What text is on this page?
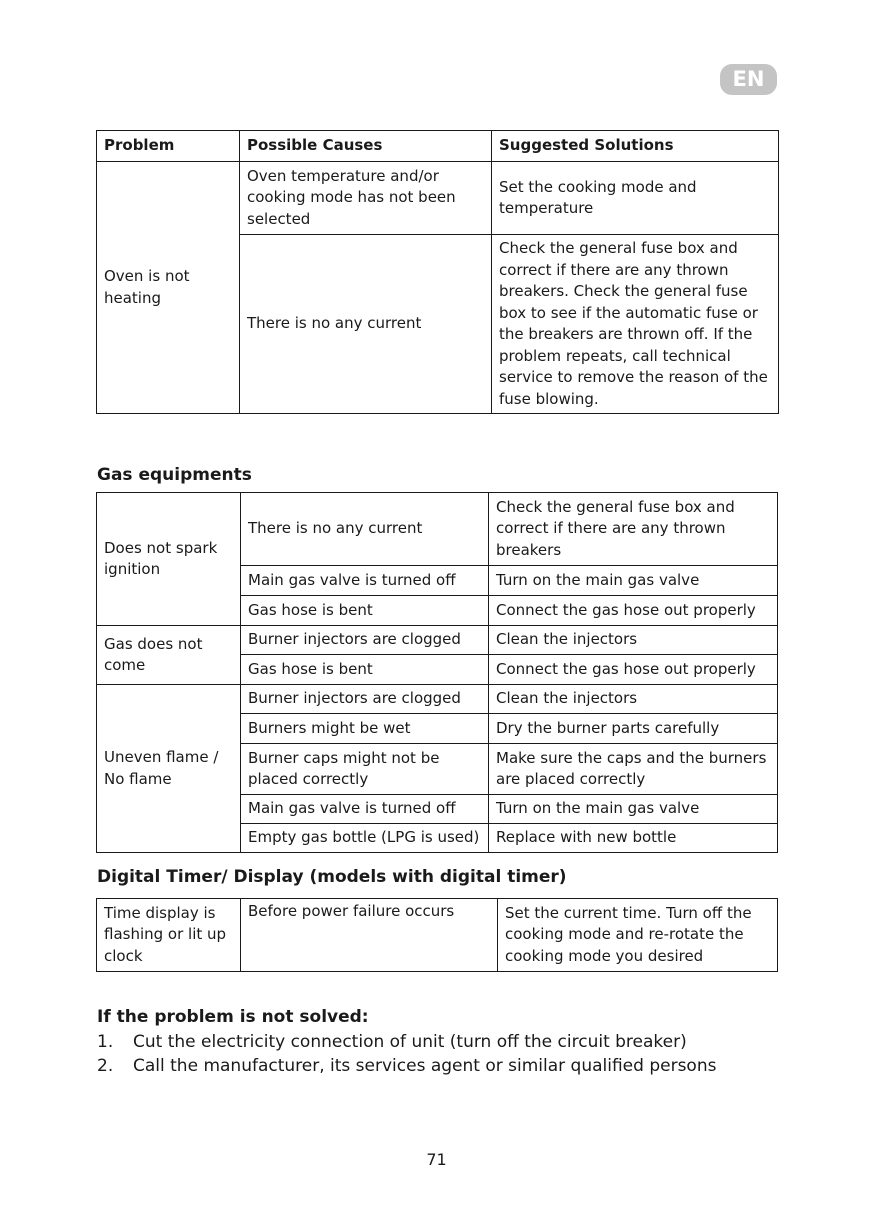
EN
Problem	Possible Causes	Suggested Solutions
Oven is not heating	Oven temperature and/or cooking mode has not been selected	Set the cooking mode and temperature
	There is no any current	Check the general fuse box and correct if there are any thrown breakers. Check the general fuse box to see if the automatic fuse or the breakers are thrown off. If the problem repeats, call technical service to remove the reason of the fuse blowing.
Gas equipments
Does not spark ignition	There is no any current	Check the general fuse box and correct if there are any thrown breakers
	Main gas valve is turned off	Turn on the main gas valve
	Gas hose is bent	Connect the gas hose out properly
Gas does not come	Burner injectors are clogged	Clean the injectors
	Gas hose is bent	Connect the gas hose out properly
Uneven flame / No flame	Burner injectors are clogged	Clean the injectors
	Burners might be wet	Dry the burner parts carefully
	Burner caps might not be placed correctly	Make sure the caps and the burners are placed correctly
	Main gas valve is turned off	Turn on the main gas valve
	Empty gas bottle (LPG is used)	Replace with new bottle
Digital Timer/ Display (models with digital timer)
Time display is flashing or lit up clock	Before power failure occurs	Set the current time. Turn off the cooking mode and re-rotate the cooking mode you desired
If the problem is not solved:
1.	Cut the electricity connection of unit (turn off the circuit breaker)
2.	Call the manufacturer, its services agent or similar qualified persons
71
